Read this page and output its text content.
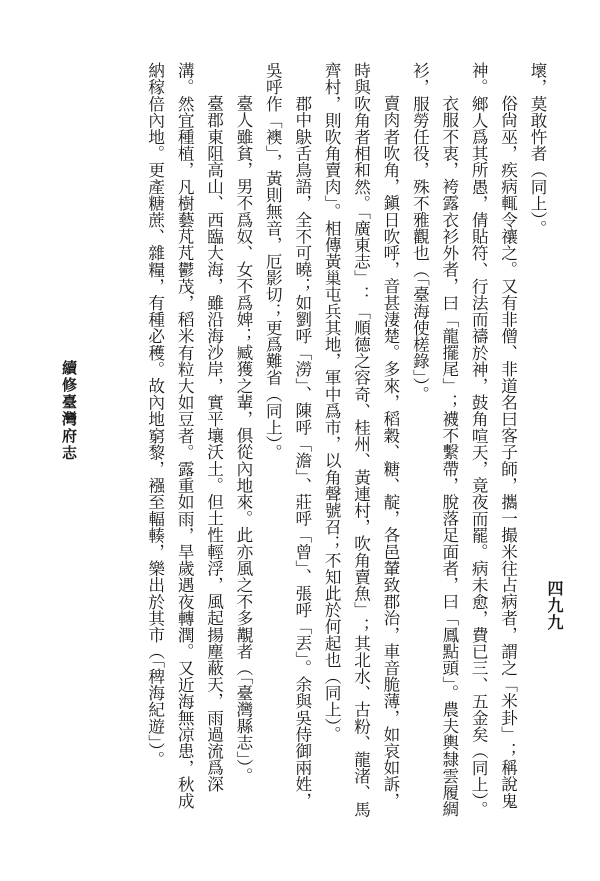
續修臺灣府志
四九九

壞，莫敢忤者（同上）。

俗尙巫，疾病輒令禳之。又有非僧、非道名曰客子師，攜一撮米往占病者，謂之「米卦」；稱說鬼神。鄉人爲其所愚，倩貼符、行法而禱於神，鼓角喧天，竟夜而罷。病未愈，費已三、五金矣（同上）。

衣服不衷，袴露衣衫外者，曰「龍擺尾」；襪不繫帶，脫落足面者，曰「鳳點頭」。農夫輿隸雲履綢衫，服勞任役，殊不雅觀也（「臺海使槎錄」）。

賣肉者吹角，鎭日吹呼，音甚淒楚。多來，稻穀、糖、靛，各邑輦致郡治，車音脆薄，如哀如訴，時與吹角者相和然。「廣東志」：「順德之容奇、桂州、黃連村，吹角賣魚」；其北水、古粉、龍渚、馬齊村，則吹角賣肉」。相傳黃巢屯兵其地，軍中爲市，以角聲號召；不知此於何起也（同上）。

郡中鴃舌鳥語，全不可曉；如劉呼「澇」、陳呼「澹」、莊呼「曾」、張呼「丟」。余與吳侍御兩姓，吳呼作「襖」，黃則無音，厄影切；更爲難省（同上）。

臺人雖貧，男不爲奴、女不爲婢；臧獲之輩，俱從內地來。此亦風之不多覯者（「臺灣縣志」）。

臺郡東阻高山、西臨大海，雖沿海沙岸，實平壤沃土。但土性輕浮，風起揚塵蔽天，雨過流爲深溝。然宜種植，凡樹藝芃芃鬱茂，稻米有粒大如豆者。露重如雨，旱歲遇夜轉潤。又近海無凉患，秋成納稼倍內地。更產糖蔗、雜糧，有種必穫。故內地窮黎，襁至輻輳，樂出於其市（「稗海紀遊」）。
